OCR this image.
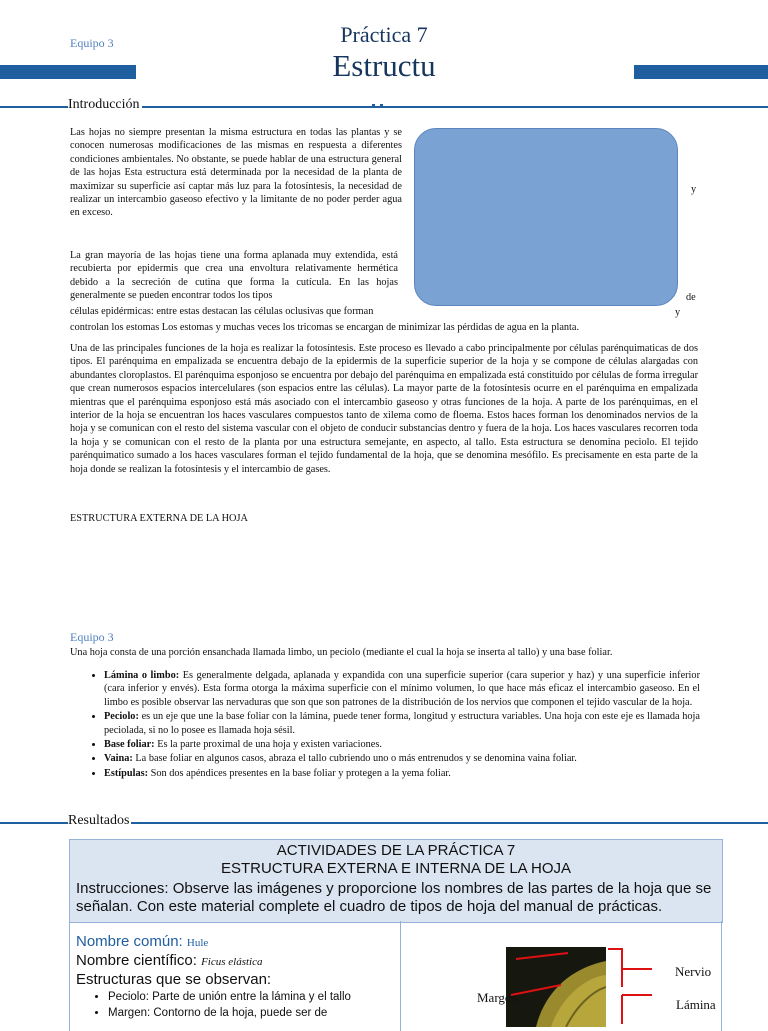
Equipo 3	Práctica 7
Estructu
Introducción
Las hojas no siempre presentan la misma estructura en todas las plantas y se conocen numerosas modificaciones de las mismas en respuesta a diferentes condiciones ambientales. No obstante, se puede hablar de una estructura general de las hojas Esta estructura está determinada por la necesidad de la planta de maximizar su superficie así captar más luz para la fotosíntesis, la necesidad de realizar un intercambio gaseoso efectivo y la limitante de no poder perder agua en exceso.
La gran mayoría de las hojas tiene una forma aplanada muy extendida, está recubierta por epidermis que crea una envoltura relativamente hermética debido a la secreción de cutina que forma la cutícula. En las hojas generalmente se pueden encontrar todos los tipos
células epidérmicas: entre estas destacan las células oclusivas que forman
controlan los estomas Los estomas y muchas veces los tricomas se encargan de minimizar las pérdidas de agua en la planta.
y
de
y
Una de las principales funciones de la hoja es realizar la fotosíntesis. Este proceso es llevado a cabo principalmente por células parénquimaticas de dos tipos. El parénquima en empalizada se encuentra debajo de la epidermis de la superficie superior de la hoja y se compone de células alargadas con abundantes cloroplastos. El parénquima esponjoso se encuentra por debajo del parénquima en empalizada está constituido por células de forma irregular que crean numerosos espacios intercelulares (son espacios entre las células). La mayor parte de la fotosíntesis ocurre en el parénquima en empalizada mientras que el parénquima esponjoso está más asociado con el intercambio gaseoso y otras funciones de la hoja. A parte de los parénquimas, en el interior de la hoja se encuentran los haces vasculares compuestos tanto de xilema como de floema. Estos haces forman los denominados nervios de la hoja y se comunican con el resto del sistema vascular con el objeto de conducir substancias dentro y fuera de la hoja. Los haces vasculares recorren toda la hoja y se comunican con el resto de la planta por una estructura semejante, en aspecto, al tallo. Esta estructura se denomina peciolo. El tejido parénquimatico sumado a los haces vasculares forman el tejido fundamental de la hoja, que se denomina mesófilo. Es precisamente en esta parte de la hoja donde se realizan la fotosíntesis y el intercambio de gases.
ESTRUCTURA EXTERNA DE LA HOJA
Equipo 3
Una hoja consta de una porción ensanchada llamada limbo, un peciolo (mediante el cual la hoja se inserta al tallo) y una base foliar.
• Lámina o limbo: Es generalmente delgada, aplanada y expandida con una superficie superior (cara superior y haz) y una superficie inferior (cara inferior y envés). Esta forma otorga la máxima superficie con el mínimo volumen, lo que hace más eficaz el intercambio gaseoso. En el limbo es posible observar las nervaduras que son que son patrones de la distribución de los nervios que componen el tejido vascular de la hoja.
• Peciolo: es un eje que une la base foliar con la lámina, puede tener forma, longitud y estructura variables. Una hoja con este eje es llamada hoja peciolada, si no lo posee es llamada hoja sésil.
• Base foliar: Es la parte proximal de una hoja y existen variaciones.
• Vaina: La base foliar en algunos casos, abraza el tallo cubriendo uno o más entrenudos y se denomina vaina foliar.
• Estípulas: Son dos apéndices presentes en la base foliar y protegen a la yema foliar.
Resultados
ACTIVIDADES DE LA PRÁCTICA 7
ESTRUCTURA EXTERNA E INTERNA DE LA HOJA
Instrucciones: Observe las imágenes y proporcione los nombres de las partes de la hoja que se señalan. Con este material complete el cuadro de tipos de hoja del manual de prácticas.
Nombre común: Hule
Nombre científico: Ficus elástica
Estructuras que se observan:
• Peciolo: Parte de unión entre la lámina y el tallo
• Margen: Contorno de la hoja, puede ser de
Nervio
Lámina
Margen
